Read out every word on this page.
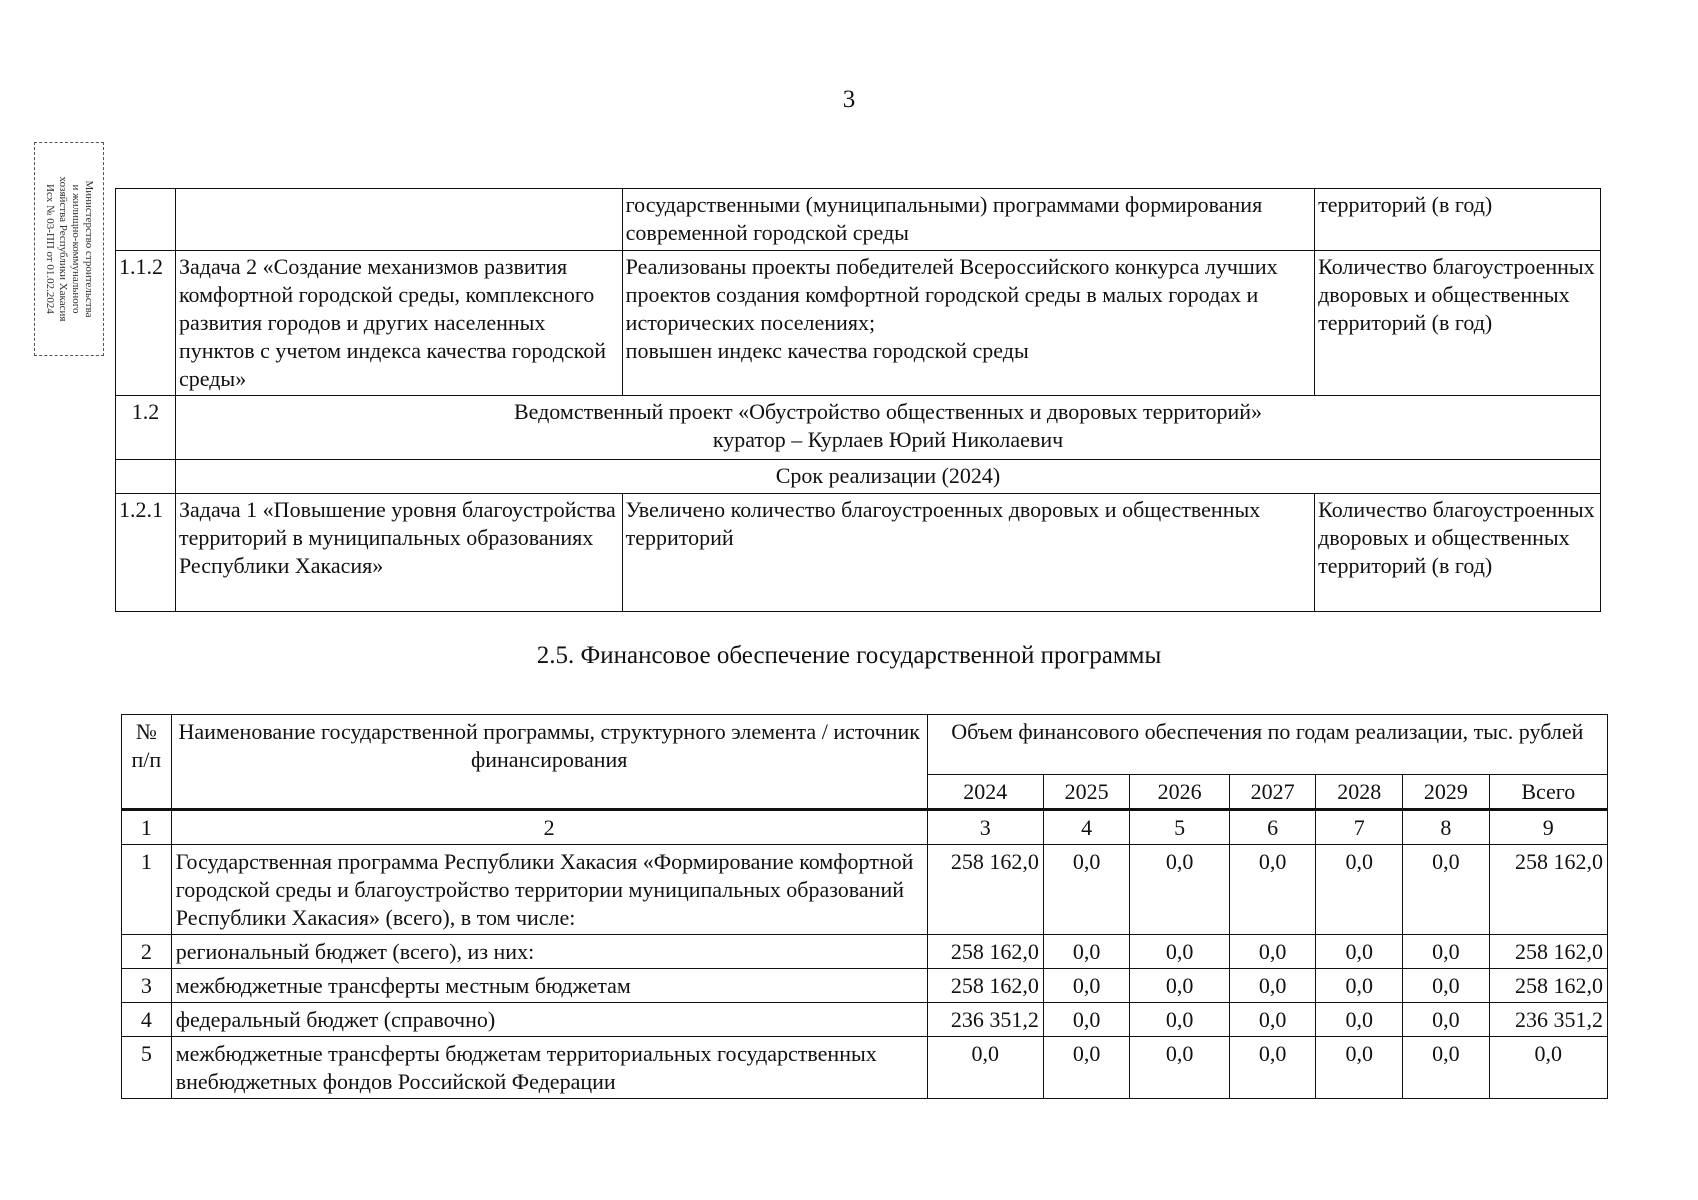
3
Министерство строительства
и жилищно-коммунального
хозяйства Республики Хакасия
Исх № 03-ПП от 01.02.2024
			государственными (муниципальными) программами формирования современной городской среды	территорий (в год)
1.1.2	Задача 2 «Создание механизмов развития комфортной городской среды, комплексного развития городов и других населенных пунктов с учетом индекса качества городской среды»	Реализованы проекты победителей Всероссийского конкурса лучших проектов создания комфортной городской среды в малых городах и исторических поселениях;
повышен индекс качества городской среды	Количество благоустроенных дворовых и общественных территорий (в год)
1.2	Ведомственный проект «Обустройство общественных и дворовых территорий»
куратор – Курлаев Юрий Николаевич		

	Срок реализации (2024)		
1.2.1	Задача 1 «Повышение уровня благоустройства территорий в муниципальных образованиях Республики Хакасия»	Увеличено количество благоустроенных дворовых и общественных территорий	Количество благоустроенных дворовых и общественных территорий (в год)
2.5. Финансовое обеспечение государственной программы
№ п/п	Наименование государственной программы, структурного элемента / источник финансирования	Объем финансового обеспечения по годам реализации, тыс. рублей						
		2024	2025	2026	2027	2028	2029	Всего
1	2	3	4	5	6	7	8	9
1	Государственная программа Республики Хакасия «Формирование комфортной городской среды и благоустройство территории муниципальных образований Республики Хакасия» (всего), в том числе:	258 162,0	0,0	0,0	0,0	0,0	0,0	258 162,0
2	региональный бюджет (всего), из них:	258 162,0	0,0	0,0	0,0	0,0	0,0	258 162,0
3	межбюджетные трансферты местным бюджетам	258 162,0	0,0	0,0	0,0	0,0	0,0	258 162,0
4	федеральный бюджет (справочно)	236 351,2	0,0	0,0	0,0	0,0	0,0	236 351,2
5	межбюджетные трансферты бюджетам территориальных государственных внебюджетных фондов Российской Федерации	0,0	0,0	0,0	0,0	0,0	0,0	0,0
